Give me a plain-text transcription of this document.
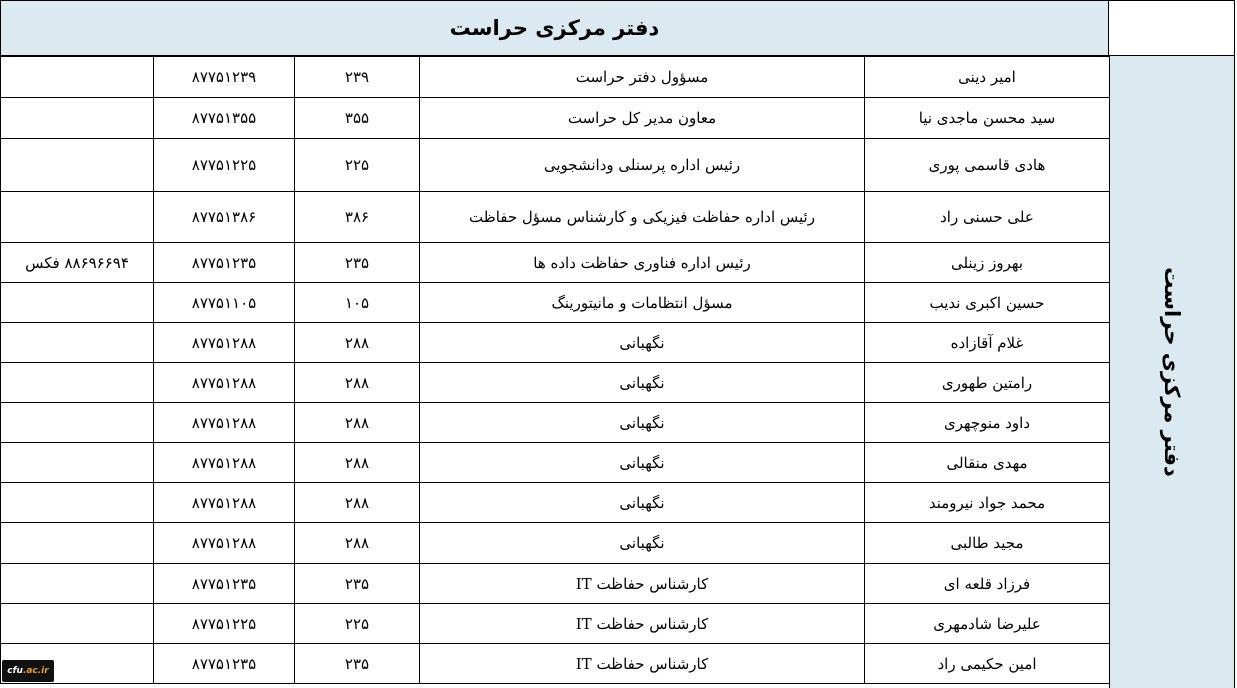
دفتر مرکزی حراست
	۸۷۷۵۱۲۳۹	۲۳۹	مسؤول دفتر حراست	امیر دینی
	۸۷۷۵۱۳۵۵	۳۵۵	معاون مدیر کل حراست	سید محسن ماجدی نیا
	۸۷۷۵۱۲۲۵	۲۲۵	رئیس اداره پرسنلی ودانشجویی	هادی قاسمی پوری
	۸۷۷۵۱۳۸۶	۳۸۶	رئیس اداره حفاظت فیزیکی و کارشناس مسؤل حفاظت	علی حسنی راد
۸۸۶۹۶۶۹۴ فکس	۸۷۷۵۱۲۳۵	۲۳۵	رئیس اداره فناوری حفاظت داده ها	بهروز زینلی
	۸۷۷۵۱۱۰۵	۱۰۵	مسؤل انتظامات و مانیتورینگ	حسین اکبری ندیب
	۸۷۷۵۱۲۸۸	۲۸۸	نگهبانی	غلام آقازاده
	۸۷۷۵۱۲۸۸	۲۸۸	نگهبانی	رامتین طهوری
	۸۷۷۵۱۲۸۸	۲۸۸	نگهبانی	داود منوچهری
	۸۷۷۵۱۲۸۸	۲۸۸	نگهبانی	مهدی منقالی
	۸۷۷۵۱۲۸۸	۲۸۸	نگهبانی	محمد جواد نیرومند
	۸۷۷۵۱۲۸۸	۲۸۸	نگهبانی	مجید طالبی
	۸۷۷۵۱۲۳۵	۲۳۵	کارشناس حفاظت IT	فرزاد قلعه ای
	۸۷۷۵۱۲۲۵	۲۲۵	کارشناس حفاظت IT	علیرضا شادمهری
	۸۷۷۵۱۲۳۵	۲۳۵	کارشناس حفاظت IT	امین حکیمی راد
دفتر مرکزی حراست
cfu.ac.ir
